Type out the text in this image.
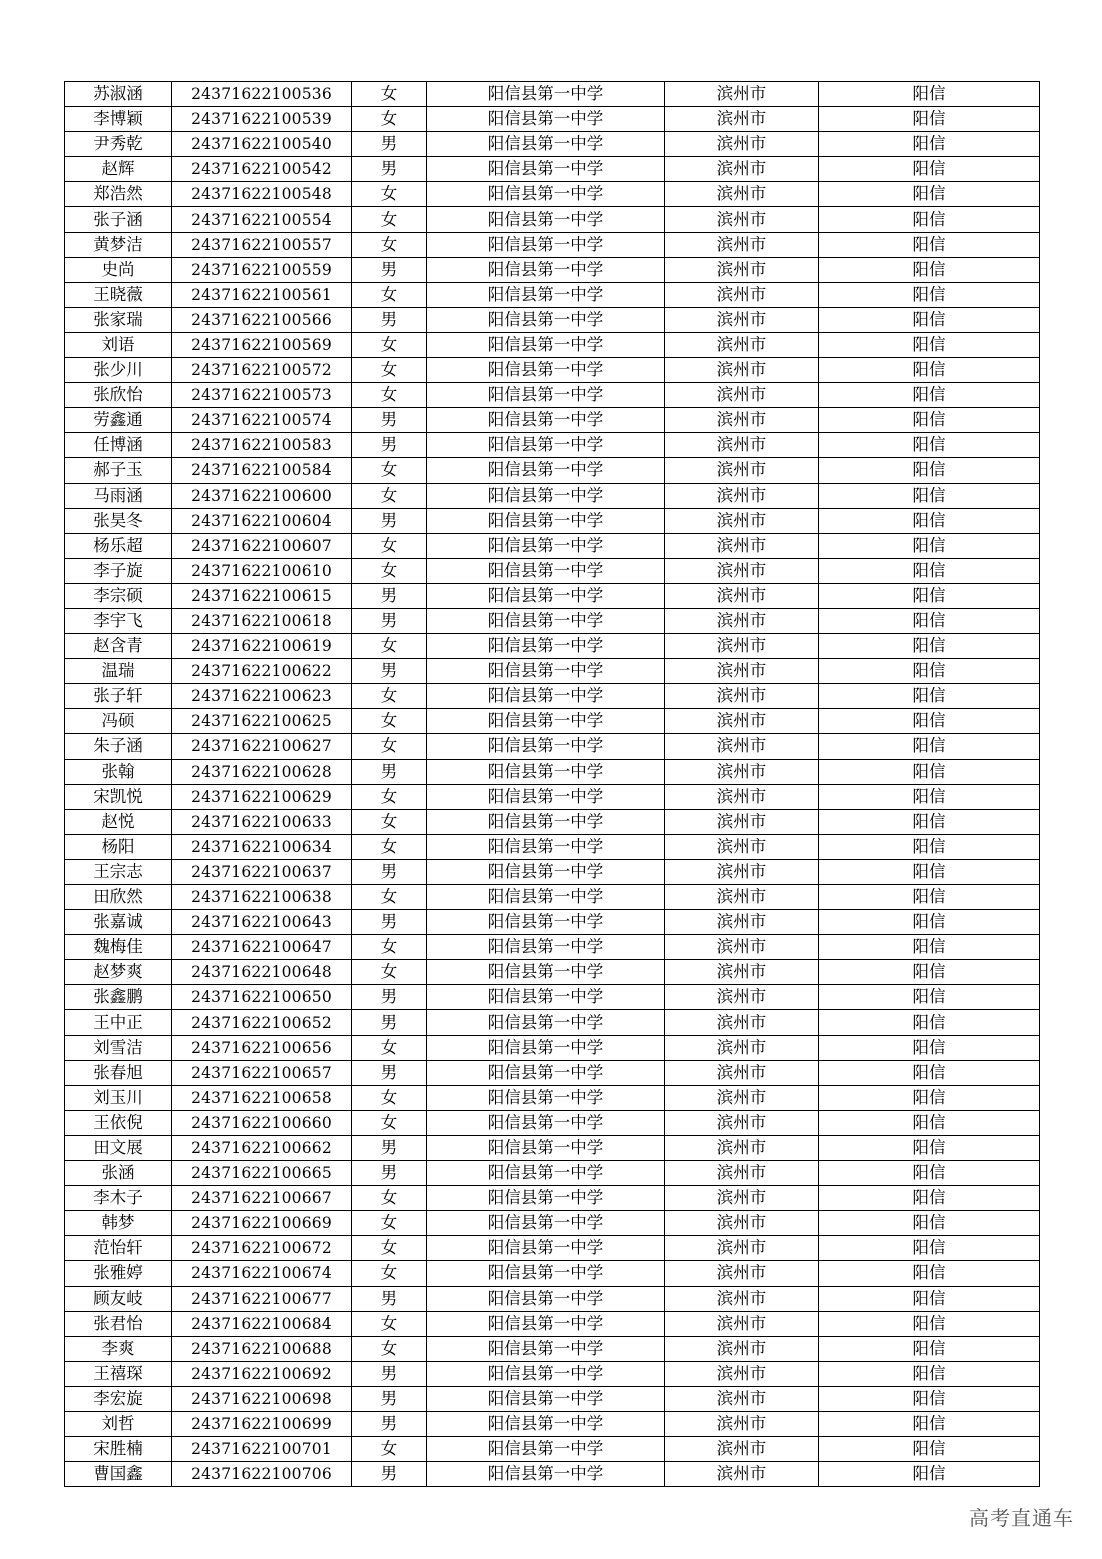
苏淑涵	24371622100536	女	阳信县第一中学	滨州市	阳信
李博颖	24371622100539	女	阳信县第一中学	滨州市	阳信
尹秀乾	24371622100540	男	阳信县第一中学	滨州市	阳信
赵辉	24371622100542	男	阳信县第一中学	滨州市	阳信
郑浩然	24371622100548	女	阳信县第一中学	滨州市	阳信
张子涵	24371622100554	女	阳信县第一中学	滨州市	阳信
黄梦洁	24371622100557	女	阳信县第一中学	滨州市	阳信
史尚	24371622100559	男	阳信县第一中学	滨州市	阳信
王晓薇	24371622100561	女	阳信县第一中学	滨州市	阳信
张家瑞	24371622100566	男	阳信县第一中学	滨州市	阳信
刘语	24371622100569	女	阳信县第一中学	滨州市	阳信
张少川	24371622100572	女	阳信县第一中学	滨州市	阳信
张欣怡	24371622100573	女	阳信县第一中学	滨州市	阳信
劳鑫通	24371622100574	男	阳信县第一中学	滨州市	阳信
任博涵	24371622100583	男	阳信县第一中学	滨州市	阳信
郝子玉	24371622100584	女	阳信县第一中学	滨州市	阳信
马雨涵	24371622100600	女	阳信县第一中学	滨州市	阳信
张昊冬	24371622100604	男	阳信县第一中学	滨州市	阳信
杨乐超	24371622100607	女	阳信县第一中学	滨州市	阳信
李子旋	24371622100610	女	阳信县第一中学	滨州市	阳信
李宗硕	24371622100615	男	阳信县第一中学	滨州市	阳信
李宇飞	24371622100618	男	阳信县第一中学	滨州市	阳信
赵含青	24371622100619	女	阳信县第一中学	滨州市	阳信
温瑞	24371622100622	男	阳信县第一中学	滨州市	阳信
张子轩	24371622100623	女	阳信县第一中学	滨州市	阳信
冯硕	24371622100625	女	阳信县第一中学	滨州市	阳信
朱子涵	24371622100627	女	阳信县第一中学	滨州市	阳信
张翰	24371622100628	男	阳信县第一中学	滨州市	阳信
宋凯悦	24371622100629	女	阳信县第一中学	滨州市	阳信
赵悦	24371622100633	女	阳信县第一中学	滨州市	阳信
杨阳	24371622100634	女	阳信县第一中学	滨州市	阳信
王宗志	24371622100637	男	阳信县第一中学	滨州市	阳信
田欣然	24371622100638	女	阳信县第一中学	滨州市	阳信
张嘉诚	24371622100643	男	阳信县第一中学	滨州市	阳信
魏梅佳	24371622100647	女	阳信县第一中学	滨州市	阳信
赵梦爽	24371622100648	女	阳信县第一中学	滨州市	阳信
张鑫鹏	24371622100650	男	阳信县第一中学	滨州市	阳信
王中正	24371622100652	男	阳信县第一中学	滨州市	阳信
刘雪洁	24371622100656	女	阳信县第一中学	滨州市	阳信
张春旭	24371622100657	男	阳信县第一中学	滨州市	阳信
刘玉川	24371622100658	女	阳信县第一中学	滨州市	阳信
王依倪	24371622100660	女	阳信县第一中学	滨州市	阳信
田文展	24371622100662	男	阳信县第一中学	滨州市	阳信
张涵	24371622100665	男	阳信县第一中学	滨州市	阳信
李木子	24371622100667	女	阳信县第一中学	滨州市	阳信
韩梦	24371622100669	女	阳信县第一中学	滨州市	阳信
范怡轩	24371622100672	女	阳信县第一中学	滨州市	阳信
张雅婷	24371622100674	女	阳信县第一中学	滨州市	阳信
顾友岐	24371622100677	男	阳信县第一中学	滨州市	阳信
张君怡	24371622100684	女	阳信县第一中学	滨州市	阳信
李爽	24371622100688	女	阳信县第一中学	滨州市	阳信
王禧琛	24371622100692	男	阳信县第一中学	滨州市	阳信
李宏旋	24371622100698	男	阳信县第一中学	滨州市	阳信
刘哲	24371622100699	男	阳信县第一中学	滨州市	阳信
宋胜楠	24371622100701	女	阳信县第一中学	滨州市	阳信
曹国鑫	24371622100706	男	阳信县第一中学	滨州市	阳信
高考直通车
